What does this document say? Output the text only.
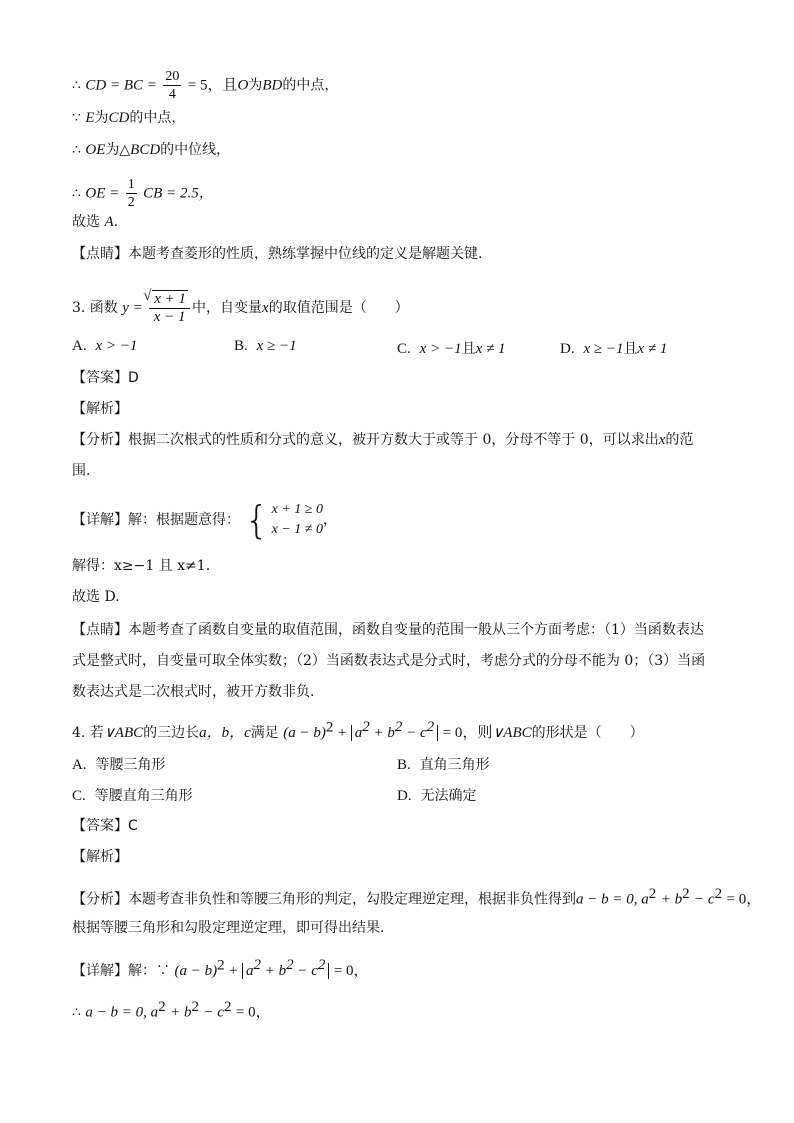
∴ CD = BC = $\frac{20}{4} = 5$，且O为BD的中点，
∵ E为CD的中点，
∴ OE为△BCD的中位线，
∴ OE = $\frac{1}{2}$ CB = 2.5，
故选 A.
【点睛】本题考查菱形的性质，熟练掌握中位线的定义是解题关键.
3. 函数 y =
√ $\frac{x + 1}{x - 1}$ 中，自变量x的取值范围是（　　）
A. x > −1	B. x ≥ −1	C. x > −1且x ≠ 1	D. x ≥ −1且x ≠ 1
【答案】D
【解析】
【分析】根据二次根式的性质和分式的意义，被开方数大于或等于 0，分母不等于 0，可以求出x的范
围.
【详解】解：根据题意得： { x + 1 ≥ 0
x − 1 ≠ 0
，
解得：x≥−1 且 x≠1.
故选 D.
【点睛】本题考查了函数自变量的取值范围，函数自变量的范围一般从三个方面考虑：（1）当函数表达
式是整式时，自变量可取全体实数；（2）当函数表达式是分式时，考虑分式的分母不能为 0；（3）当函
数表达式是二次根式时，被开方数非负.
4. 若∨ABC的三边长a，b，c满足 $(a - b)^2 + a^2 + b^2 - c^2 = 0$，则∨ABC的形状是（　　）
A. 等腰三角形	B. 直角三角形
C. 等腰直角三角形	D. 无法确定
【答案】C
【解析】
【分析】本题考查非负性和等腰三角形的判定，勾股定理逆定理，根据非负性得到a − b = 0, $a^2 + b^2 - c^2 = 0$，
根据等腰三角形和勾股定理逆定理，即可得出结果.
【详解】解：∵ $(a - b)^2 + a^2 + b^2 - c^2 = 0$，
∴ a − b = 0, $a^2 + b^2 - c^2 = 0$，
